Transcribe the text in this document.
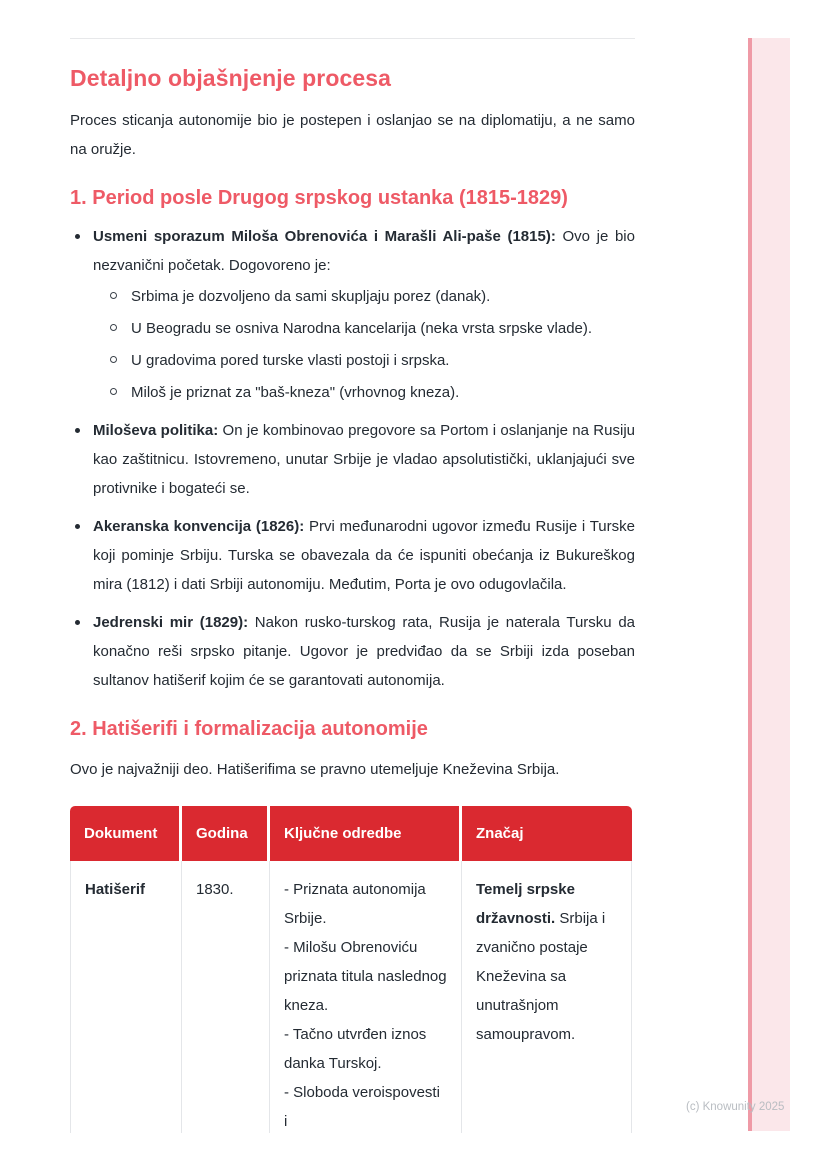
Detaljno objašnjenje procesa

Proces sticanja autonomije bio je postepen i oslanjao se na diplomatiju, a ne samo na oružje.

1. Period posle Drugog srpskog ustanka (1815-1829)
Usmeni sporazum Miloša Obrenovića i Marašli Ali-paše (1815): Ovo je bio nezvanični početak. Dogovoreno je:
Srbima je dozvoljeno da sami skupljaju porez (danak).
U Beogradu se osniva Narodna kancelarija (neka vrsta srpske vlade).
U gradovima pored turske vlasti postoji i srpska.
Miloš je priznat za "baš-kneza" (vrhovnog kneza).
Miloševa politika: On je kombinovao pregovore sa Portom i oslanjanje na Rusiju kao zaštitnicu. Istovremeno, unutar Srbije je vladao apsolutistički, uklanjajući sve protivnike i bogateći se.
Akeranska konvencija (1826): Prvi međunarodni ugovor između Rusije i Turske koji pominje Srbiju. Turska se obavezala da će ispuniti obećanja iz Bukureškog mira (1812) i dati Srbiji autonomiju. Međutim, Porta je ovo odugovlačila.
Jedrenski mir (1829): Nakon rusko-turskog rata, Rusija je naterala Tursku da konačno reši srpsko pitanje. Ugovor je predviđao da se Srbiji izda poseban sultanov hatišerif kojim će se garantovati autonomija.
2. Hatišerifi i formalizacija autonomije

Ovo je najvažniji deo. Hatišerifima se pravno utemeljuje Kneževina Srbija.

Dokument	Godina	Ključne odredbe	Značaj
Hatišerif	1830.	- Priznata autonomija Srbije.
- Milošu Obrenoviću priznata titula naslednog kneza.
- Tačno utvrđen iznos danka Turskoj.
- Sloboda veroispovesti i	Temelj srpske državnosti. Srbija i zvanično postaje Kneževina sa unutrašnjom samoupravom.
(c) Knowunity 2025
